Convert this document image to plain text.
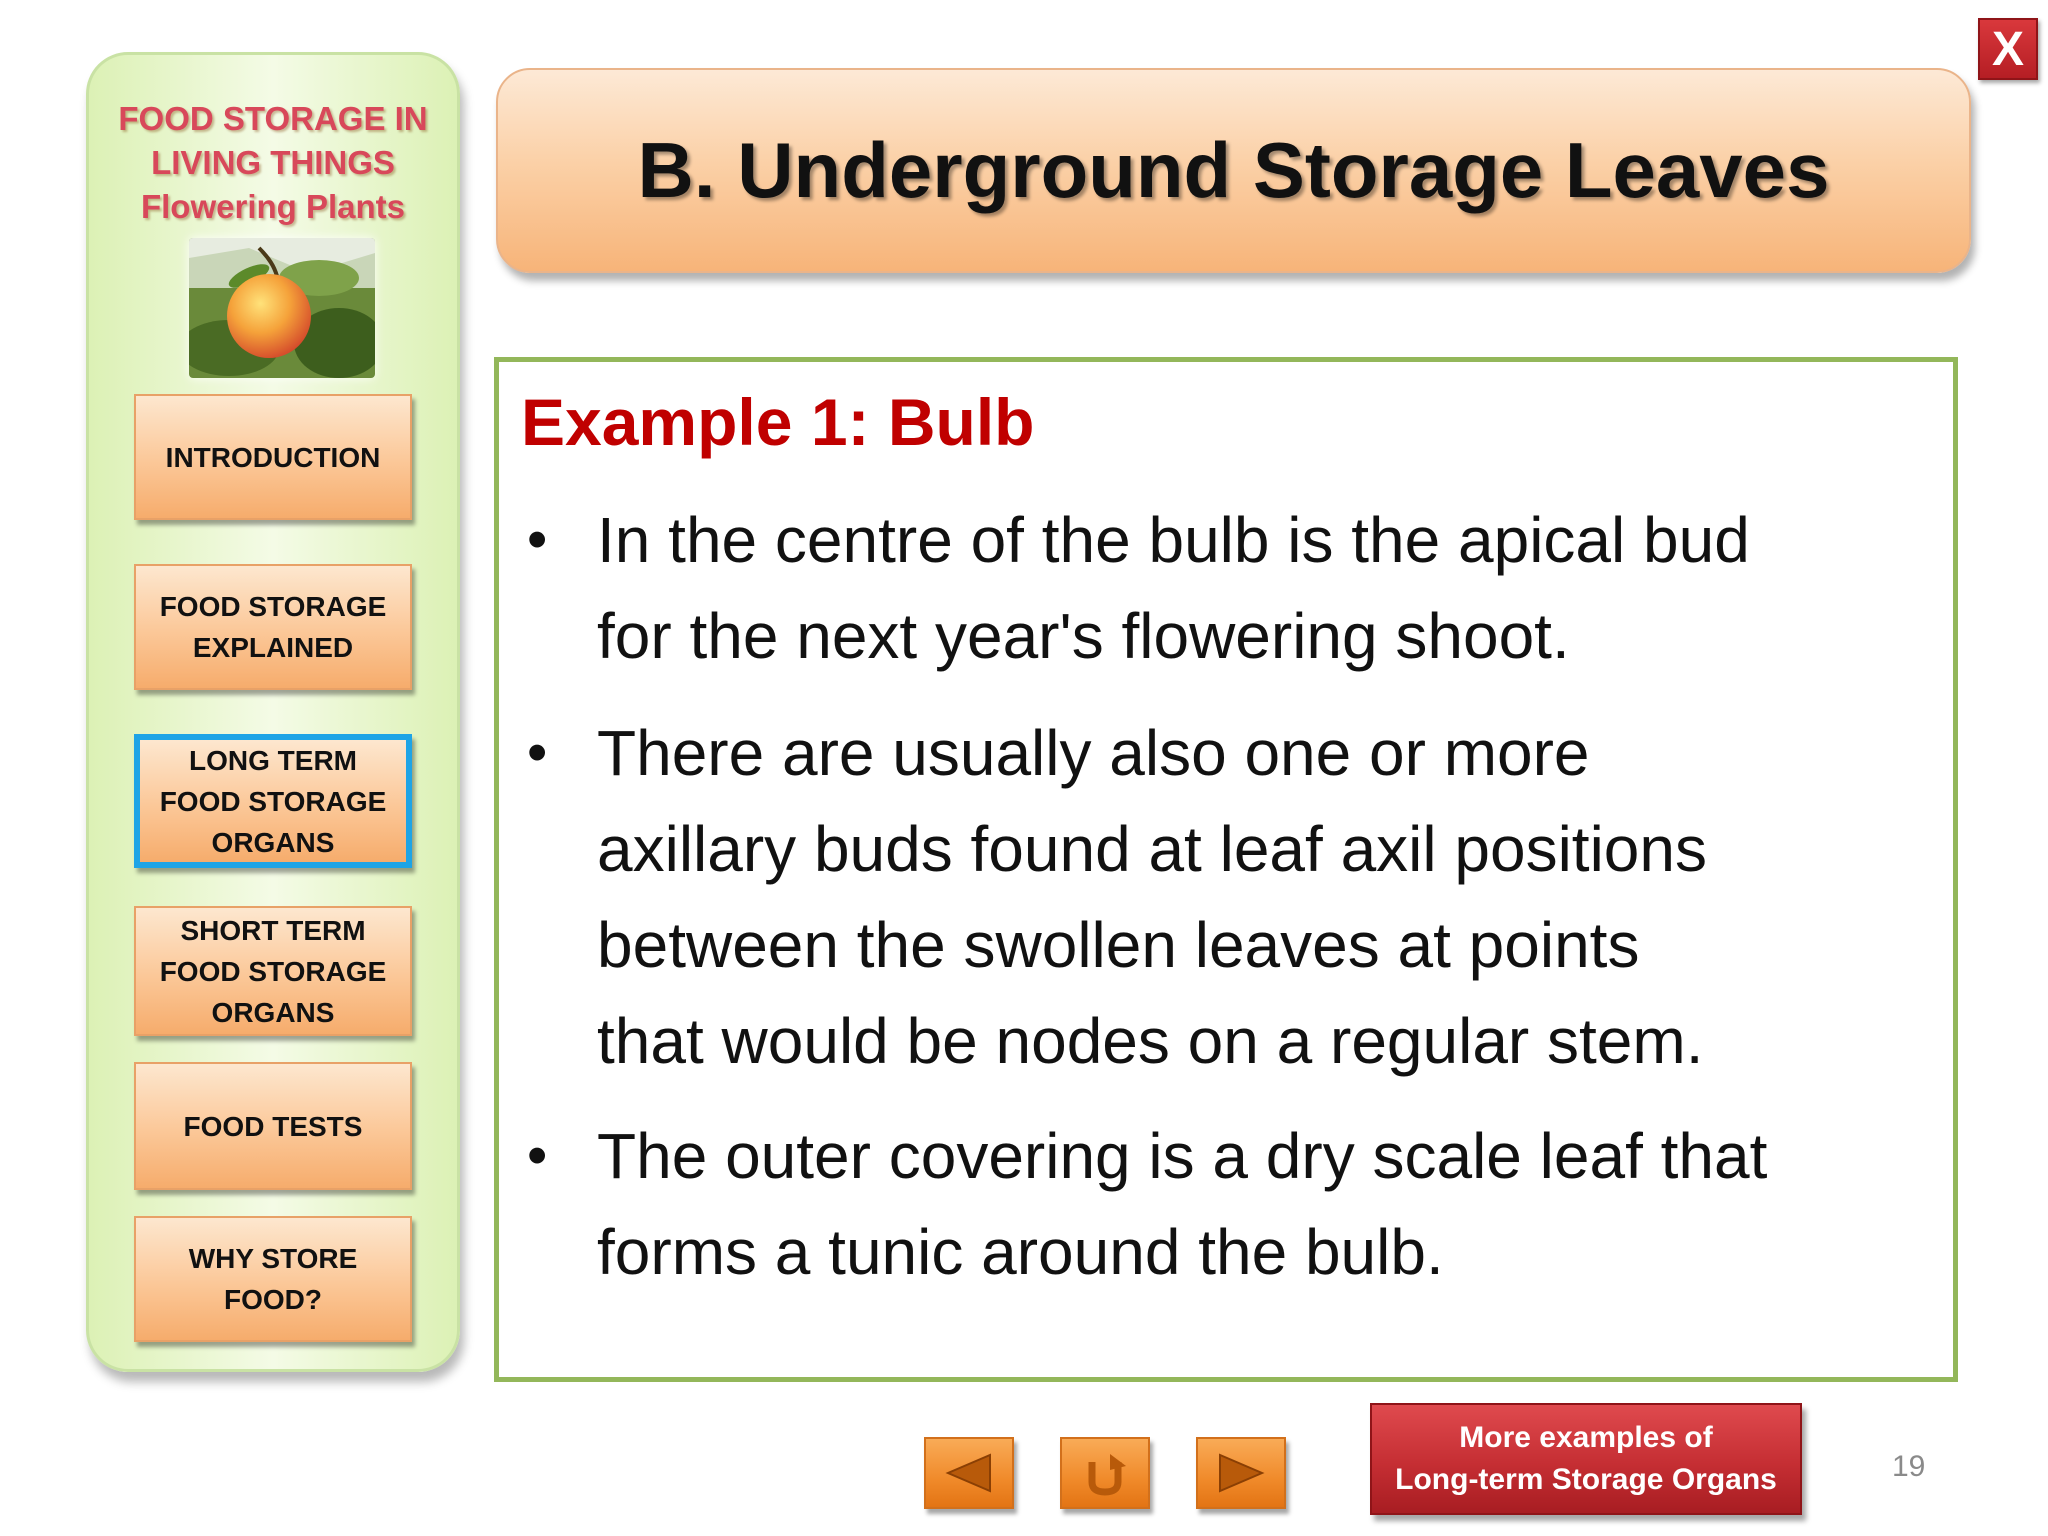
X
FOOD STORAGE IN
LIVING THINGS
Flowering Plants
INTRODUCTION
FOOD STORAGE
EXPLAINED
LONG TERM
FOOD STORAGE
ORGANS
SHORT TERM
FOOD STORAGE
ORGANS
FOOD TESTS
WHY STORE
FOOD?
B. Underground Storage Leaves
Example 1: Bulb
• In the centre of the bulb is the apical bud
for the next year's flowering shoot.
• There are usually also one or more
axillary buds found at leaf axil positions
between the swollen leaves at points
that would be nodes on a regular stem.
• The outer covering is a dry scale leaf that
forms a tunic around the bulb.
More examples of
Long-term Storage Organs	19
